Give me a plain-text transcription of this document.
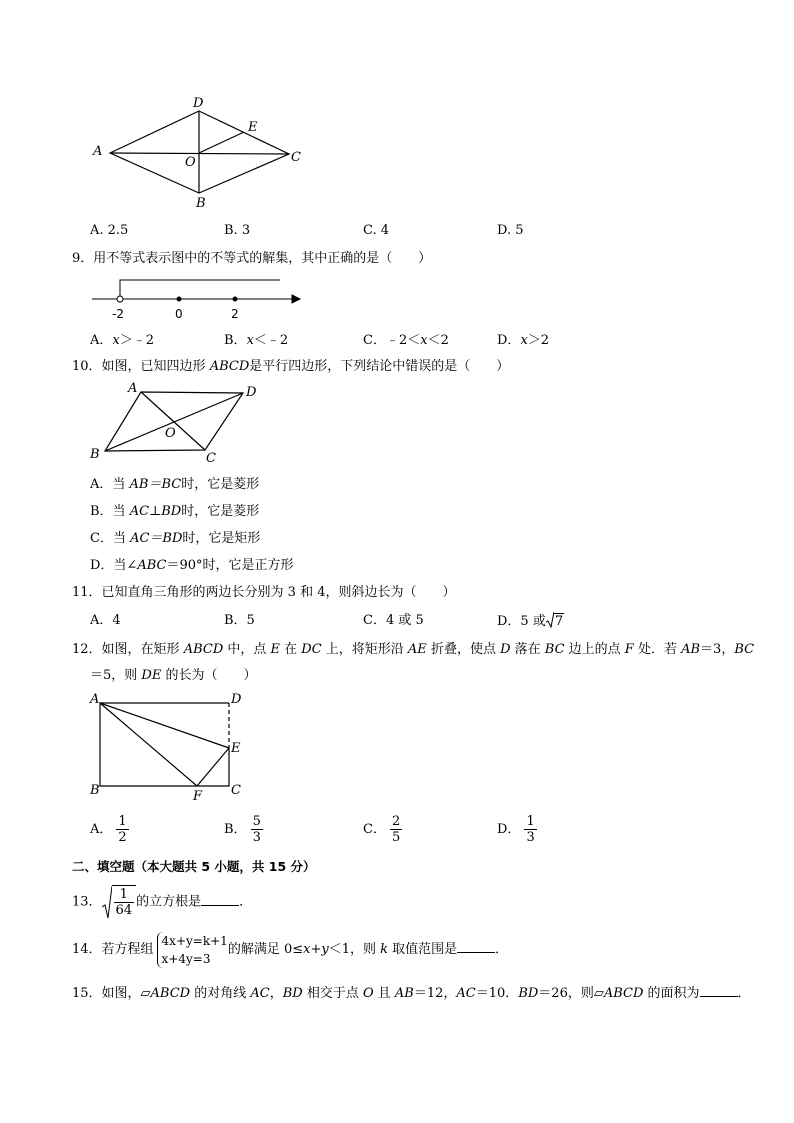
A
D
E
O	C
B
A. 2.5	B. 3	C. 4	D. 5
9．用不等式表示图中的不等式的解集，其中正确的是（　　）
-2	0	2
A．x＞﹣2	B．x＜﹣2	C．﹣2＜x＜2	D．x＞2
10．如图，已知四边形 ABCD是平行四边形，下列结论中错误的是（　　）
A	D
O
B	C
A．当 AB＝BC时，它是菱形
B．当 AC⊥BD时，它是菱形
C．当 AC＝BD时，它是矩形
D．当∠ABC＝90°时，它是正方形
11．已知直角三角形的两边长分别为 3 和 4，则斜边长为（　　）
A．4	B．5	C．4 或 5	D．5 或 7
12．如图，在矩形 ABCD 中，点 E 在 DC 上，将矩形沿 AE 折叠，使点 D 落在 BC 边上的点 F 处．若 AB＝3，BC
＝5，则 DE 的长为（　　）
A	D
E
B	C
F
A． $\frac{1}{2}$	B． $\frac{5}{3}$	C． $\frac{2}{5}$	D． $\frac{1}{3}$
二、填空题（本大题共 5 小题，共 15 分）
13． $\frac{1}{64}$ 的立方根是	．
14．若方程组
4x+y=k+1
x+4y=3
的解满足 0≤x+y＜1，则 k 取值范围是	．
15．如图，▱ABCD 的对角线 AC，BD 相交于点 O 且 AB＝12，AC＝10．BD＝26，则▱ABCD 的面积为	．
